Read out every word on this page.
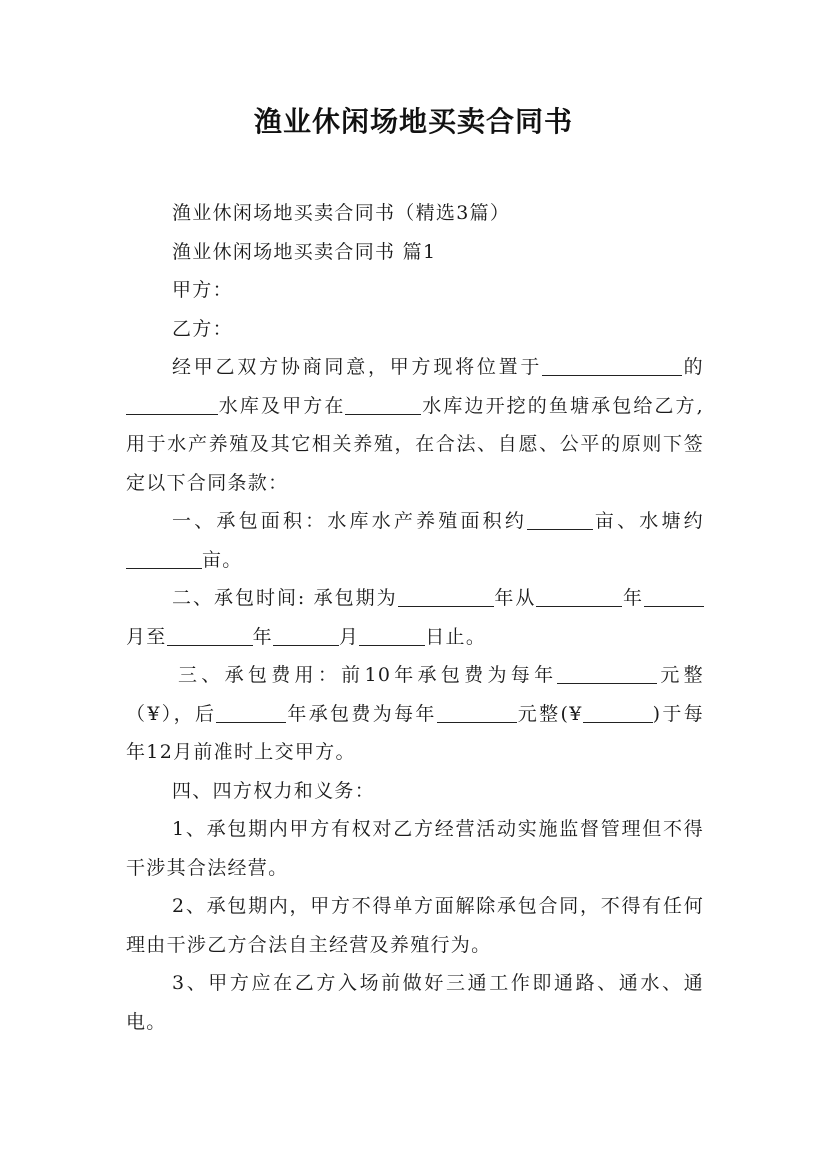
渔业休闲场地买卖合同书

渔业休闲场地买卖合同书（精选3篇）

渔业休闲场地买卖合同书 篇1

甲方：

乙方：

经甲乙双方协商同意，甲方现将位置于	的水库及甲方在	水库边开挖的鱼塘承包给乙方,用于水产养殖及其它相关养殖，在合法、自愿、公平的原则下签定以下合同条款：

一、承包面积：水库水产养殖面积约	亩、水塘约亩。

二、承包时间: 承包期为	年从	年月至	年	月	日止。

三、承包费用：前10年承包费为每年	元整（¥），后	年承包费为每年	元整(¥	)于每年12月前准时上交甲方。

四、四方权力和义务：

1、承包期内甲方有权对乙方经营活动实施监督管理但不得干涉其合法经营。

2、承包期内，甲方不得单方面解除承包合同，不得有任何理由干涉乙方合法自主经营及养殖行为。

3、甲方应在乙方入场前做好三通工作即通路、通水、通电。
